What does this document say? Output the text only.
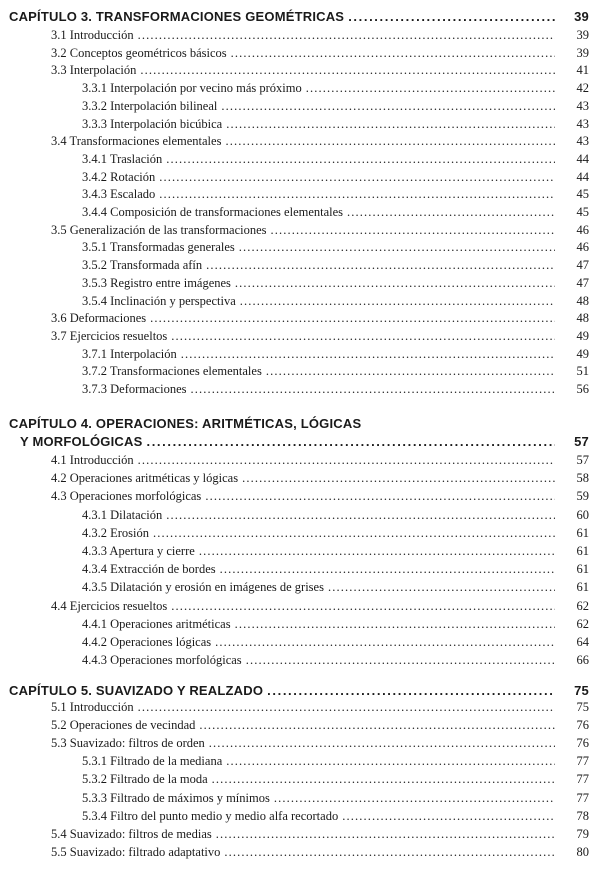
CAPÍTULO 3. TRANSFORMACIONES GEOMÉTRICAS . . .	39
3.1 Introducción . . .	39
3.2 Conceptos geométricos básicos . . .	39
3.3 Interpolación . . .	41
3.3.1 Interpolación por vecino más próximo . . .	42
3.3.2 Interpolación bilineal . . .	43
3.3.3 Interpolación bicúbica . . .	43
3.4 Transformaciones elementales . . .	43
3.4.1 Traslación . . .	44
3.4.2 Rotación . . .	44
3.4.3 Escalado . . .	45
3.4.4 Composición de transformaciones elementales . . .	45
3.5 Generalización de las transformaciones . . .	46
3.5.1 Transformadas generales . . .	46
3.5.2 Transformada afín . . .	47
3.5.3 Registro entre imágenes . . .	47
3.5.4 Inclinación y perspectiva . . .	48
3.6 Deformaciones . . .	48
3.7 Ejercicios resueltos . . .	49
3.7.1 Interpolación . . .	49
3.7.2 Transformaciones elementales . . .	51
3.7.3 Deformaciones . . .	56
CAPÍTULO 4. OPERACIONES: ARITMÉTICAS, LÓGICAS
Y MORFOLÓGICAS . . .	57
4.1 Introducción . . .	57
4.2 Operaciones aritméticas y lógicas . . .	58
4.3 Operaciones morfológicas . . .	59
4.3.1 Dilatación . . .	60
4.3.2 Erosión . . .	61
4.3.3 Apertura y cierre . . .	61
4.3.4 Extracción de bordes . . .	61
4.3.5 Dilatación y erosión en imágenes de grises . . .	61
4.4 Ejercicios resueltos . . .	62
4.4.1 Operaciones aritméticas . . .	62
4.4.2 Operaciones lógicas . . .	64
4.4.3 Operaciones morfológicas . . .	66
CAPÍTULO 5. SUAVIZADO Y REALZADO . . .	75
5.1 Introducción . . .	75
5.2 Operaciones de vecindad . . .	76
5.3 Suavizado: filtros de orden . . .	76
5.3.1 Filtrado de la mediana . . .	77
5.3.2 Filtrado de la moda . . .	77
5.3.3 Filtrado de máximos y mínimos . . .	77
5.3.4 Filtro del punto medio y medio alfa recortado . . .	78
5.4 Suavizado: filtros de medias . . .	79
5.5 Suavizado: filtrado adaptativo . . .	80
